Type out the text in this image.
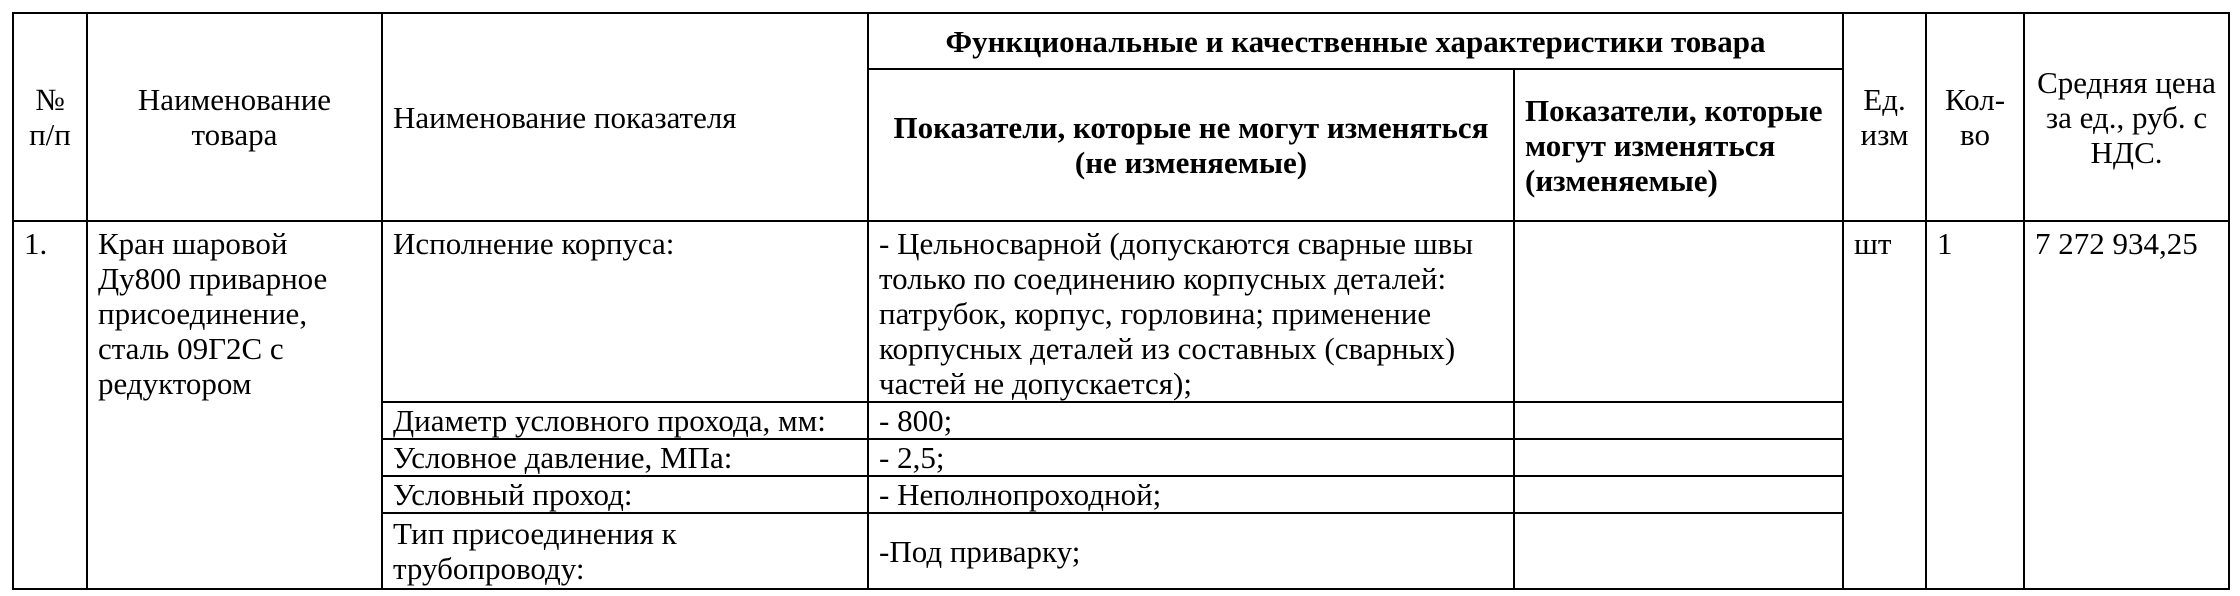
№ п/п	Наименование товара	Наименование показателя	Функциональные и качественные характеристики товара		Ед. изм	Кол-во	Средняя цена за ед., руб. с НДС.
			Показатели, которые не могут изменяться (не изменяемые)	Показатели, которые могут изменяться (изменяемые)			
1.	Кран шаровой Ду800 приварное присоединение, сталь 09Г2С с редуктором	Исполнение корпуса:	- Цельносварной (допускаются сварные швы только по соединению корпусных деталей: патрубок, корпус, горловина; применение корпусных деталей из составных (сварных) частей не допускается);		шт	1	7 272 934,25
		Диаметр условного прохода, мм:	- 800;				
		Условное давление, МПа:	- 2,5;				
		Условный проход:	- Неполнопроходной;				
		Тип присоединения к трубопроводу:	-Под приварку;				
